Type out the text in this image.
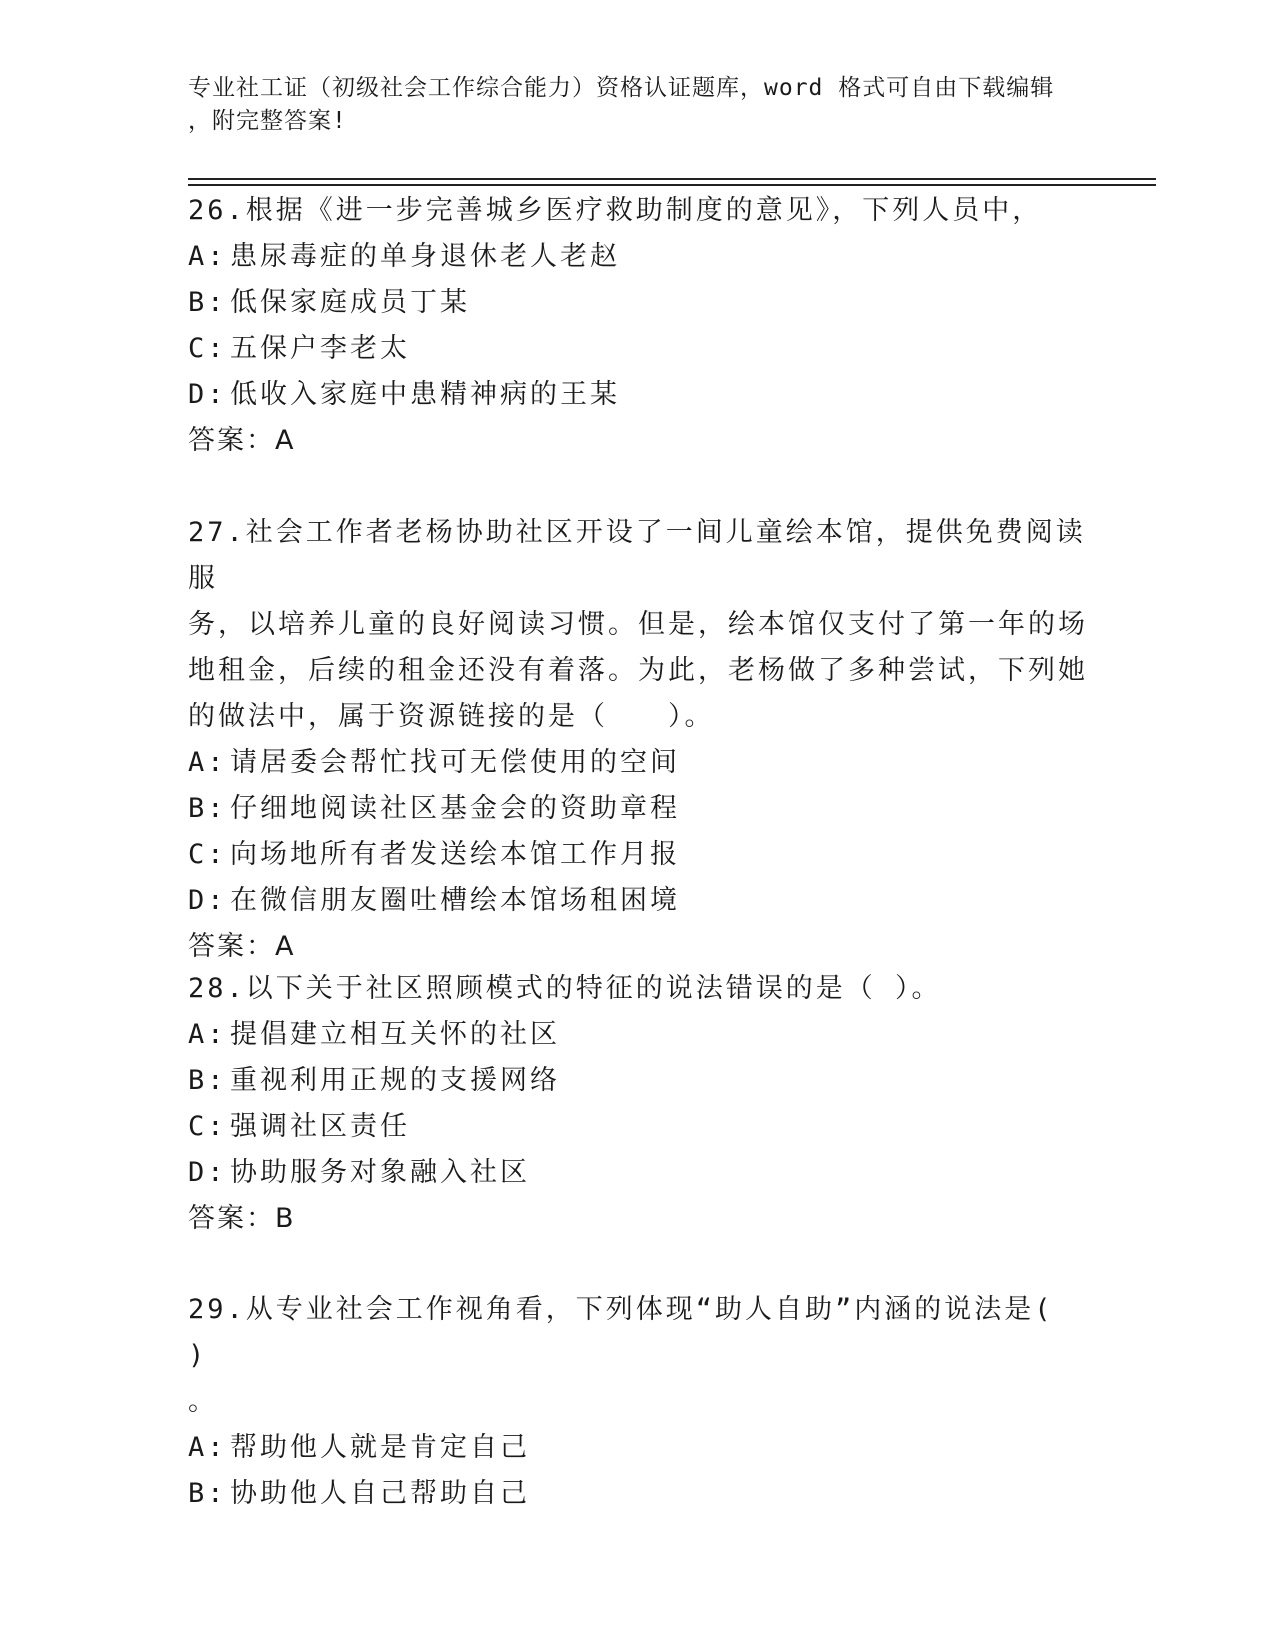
专业社工证（初级社会工作综合能力）资格认证题库，word 格式可自由下载编辑
，附完整答案!

26.根据《进一步完善城乡医疗救助制度的意见》，下列人员中，

A: 患尿毒症的单身退休老人老赵

B: 低保家庭成员丁某

C: 五保户李老太

D: 低收入家庭中患精神病的王某

答案：A

27.社会工作者老杨协助社区开设了一间儿童绘本馆，提供免费阅读服

务，以培养儿童的良好阅读习惯。但是，绘本馆仅支付了第一年的场

地租金，后续的租金还没有着落。为此，老杨做了多种尝试，下列她

的做法中，属于资源链接的是（　　）。

A: 请居委会帮忙找可无偿使用的空间

B: 仔细地阅读社区基金会的资助章程

C: 向场地所有者发送绘本馆工作月报

D: 在微信朋友圈吐槽绘本馆场租困境

答案：A

28.以下关于社区照顾模式的特征的说法错误的是（ ）。

A: 提倡建立相互关怀的社区

B: 重视利用正规的支援网络

C: 强调社区责任

D: 协助服务对象融入社区

答案：B

29.从专业社会工作视角看，下列体现“助人自助”内涵的说法是( )

。

A: 帮助他人就是肯定自己

B: 协助他人自己帮助自己
